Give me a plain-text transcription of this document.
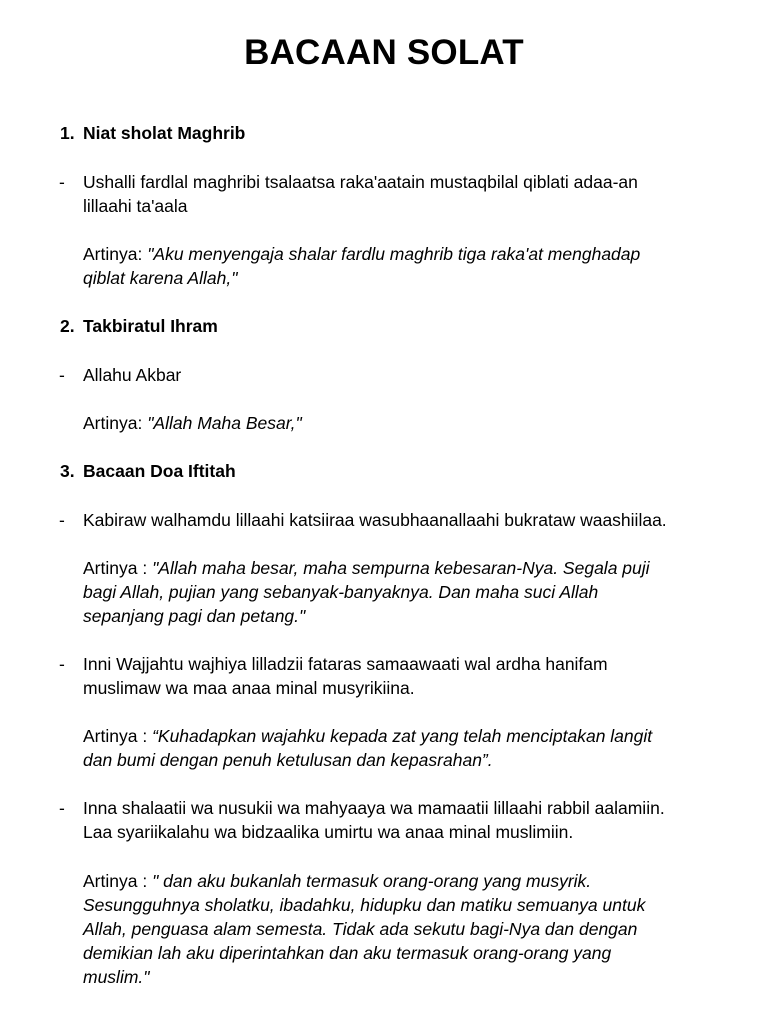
BACAAN SOLAT
1. Niat sholat Maghrib
- Ushalli fardlal maghribi tsalaatsa raka'aatain mustaqbilal qiblati adaa-an
lillaahi ta'aala
Artinya: "Aku menyengaja shalar fardlu maghrib tiga raka'at menghadap
qiblat karena Allah,"
2. Takbiratul Ihram
- Allahu Akbar
Artinya: "Allah Maha Besar,"
3. Bacaan Doa Iftitah
- Kabiraw walhamdu lillaahi katsiiraa wasubhaanallaahi bukrataw waashiilaa.
Artinya : "Allah maha besar, maha sempurna kebesaran-Nya. Segala puji
bagi Allah, pujian yang sebanyak-banyaknya. Dan maha suci Allah
sepanjang pagi dan petang."
- Inni Wajjahtu wajhiya lilladzii fataras samaawaati wal ardha hanifam
muslimaw wa maa anaa minal musyrikiina.
Artinya : “Kuhadapkan wajahku kepada zat yang telah menciptakan langit
dan bumi dengan penuh ketulusan dan kepasrahan”.
- Inna shalaatii wa nusukii wa mahyaaya wa mamaatii lillaahi rabbil aalamiin.
Laa syariikalahu wa bidzaalika umirtu wa anaa minal muslimiin.
Artinya : " dan aku bukanlah termasuk orang-orang yang musyrik.
Sesungguhnya sholatku, ibadahku, hidupku dan matiku semuanya untuk
Allah, penguasa alam semesta. Tidak ada sekutu bagi-Nya dan dengan
demikian lah aku diperintahkan dan aku termasuk orang-orang yang
muslim."
